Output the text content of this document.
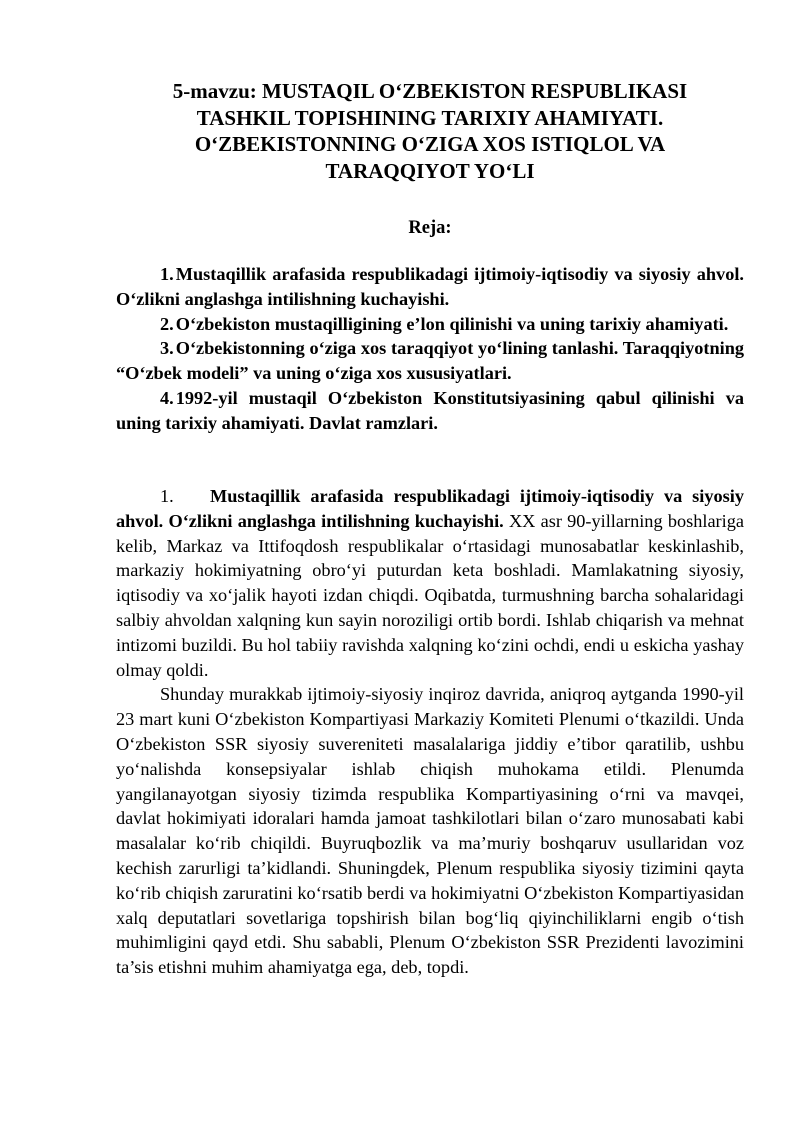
5-mavzu: MUSTAQIL O‘ZBEKISTON RESPUBLIKASI
TASHKIL TOPISHINING TARIXIY AHAMIYATI.
O‘ZBEKISTONNING O‘ZIGA XOS ISTIQLOL VA
TARAQQIYOT YO‘LI
Reja:
1. Mustaqillik arafasida respublikadagi ijtimoiy-iqtisodiy va siyosiy ahvol. O‘zlikni anglashga intilishning kuchayishi.
2. O‘zbekiston mustaqilligining e’lon qilinishi va uning tarixiy ahamiyati.
3. O‘zbekistonning o‘ziga xos taraqqiyot yo‘lining tanlashi. Taraqqiyotning “O‘zbek modeli” va uning o‘ziga xos xususiyatlari.
4. 1992-yil mustaqil O‘zbekiston Konstitutsiyasining qabul qilinishi va uning tarixiy ahamiyati. Davlat ramzlari.

1. Mustaqillik arafasida respublikadagi ijtimoiy-iqtisodiy va siyosiy ahvol. O‘zlikni anglashga intilishning kuchayishi. XX asr 90-yillarning boshlariga kelib, Markaz va Ittifoqdosh respublikalar o‘rtasidagi munosabatlar keskinlashib, markaziy hokimiyatning obro‘yi puturdan keta boshladi. Mamlakatning siyosiy, iqtisodiy va xo‘jalik hayoti izdan chiqdi. Oqibatda, turmushning barcha sohalaridagi salbiy ahvoldan xalqning kun sayin noroziligi ortib bordi. Ishlab chiqarish va mehnat intizomi buzildi. Bu hol tabiiy ravishda xalqning ko‘zini ochdi, endi u eskicha yashay olmay qoldi.

Shunday murakkab ijtimoiy-siyosiy inqiroz davrida, aniqroq aytganda 1990-yil 23 mart kuni O‘zbekiston Kompartiyasi Markaziy Komiteti Plenumi o‘tkazildi. Unda O‘zbekiston SSR siyosiy suvereniteti masalalariga jiddiy e’tibor qaratilib, ushbu yo‘nalishda konsepsiyalar ishlab chiqish muhokama etildi. Plenumda yangilanayotgan siyosiy tizimda respublika Kompartiyasining o‘rni va mavqei, davlat hokimiyati idoralari hamda jamoat tashkilotlari bilan o‘zaro munosabati kabi masalalar ko‘rib chiqildi. Buyruqbozlik va ma’muriy boshqaruv usullaridan voz kechish zarurligi ta’kidlandi. Shuningdek, Plenum respublika siyosiy tizimini qayta ko‘rib chiqish zaruratini ko‘rsatib berdi va hokimiyatni O‘zbekiston Kompartiyasidan xalq deputatlari sovetlariga topshirish bilan bog‘liq qiyinchiliklarni engib o‘tish muhimligini qayd etdi. Shu sababli, Plenum O‘zbekiston SSR Prezidenti lavozimini ta’sis etishni muhim ahamiyatga ega, deb, topdi.
